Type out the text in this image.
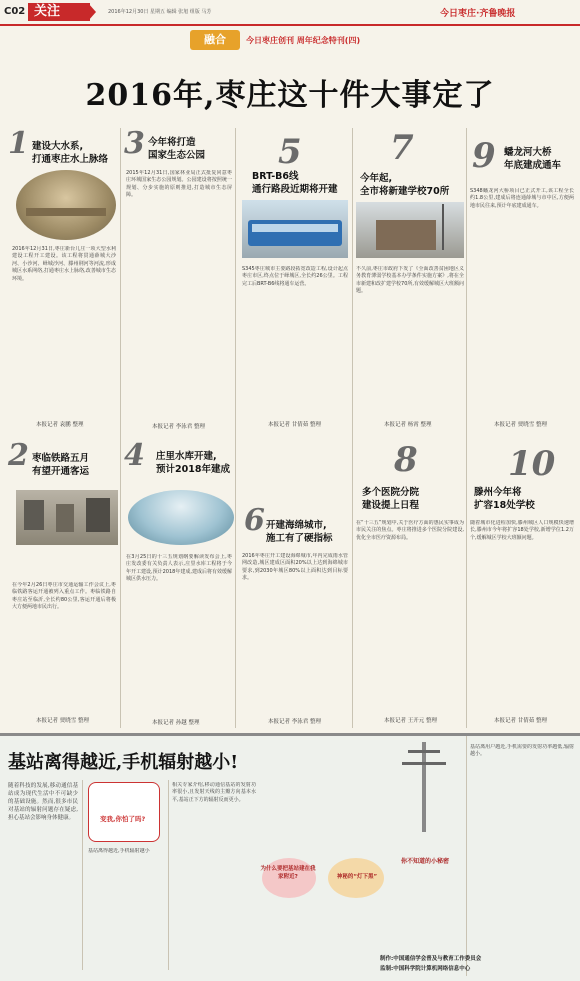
C02 关注	2016年12月30日 星期五 编辑 张旭 组版 马芳	今日枣庄·齐鲁晚报
融合	今日枣庄创刊 周年纪念特刊(四)
2016年,枣庄这十件大事定了
1 建设大水系,
打通枣庄水上脉络
2016年12月31日,枣庄新台儿庄一项大型水利建设工程开工建设。该工程将贯通薛城大沙河、小沙河、峄城沙河、滕州荆河等河流,形成城区水系网络,打通枣庄水上脉络,改善城市生态环境。
本报记者 袁鹏 整理
2 枣临铁路五月
有望开通客运
在今年2月26日枣庄市交通运输工作会议上,枣临铁路客运开通被列入重点工作。枣临铁路自枣庄站至临沂,全长约80公里,客运开通后将极大方便两地市民出行。
本报记者 贾晓雪 整理
3 今年将打造
国家生态公园
2015年12月31日,国家林业局正式批复同意枣庄环城国家生态公园规划。公园建设将按照统一规划、分步实施的原则推进,打造城市生态屏障。
本报记者 李泳君 整理
4 庄里水库开建,
预计2018年建成
在3月25日的十三五规划纲要解读发布会上,枣庄发改委有关负责人表示,庄里水库工程将于今年开工建设,预计2018年建成,建成后将有效缓解城区供水压力。
本报记者 孙越 整理
5
BRT-B6线
通行路段近期将开建
S345枣庄城市主要路段拓宽改造工程,设计起点枣庄市区,终点位于峄城区,全长约26公里。工程完工后BRT-B6线将通车运营。
本报记者 甘倩茹 整理
6 开建海绵城市,
施工有了硬指标
2016年枣庄开工建设海绵城市,年内完成雨水管网改造,城区建成区面积20%以上达到海绵城市要求,到2030年城区80%以上面积达到目标要求。
本报记者 李泳君 整理
7
今年起,
全市将新建学校70所
不久前,枣庄市政府下发了《全面改善贫困地区义务教育薄弱学校基本办学条件实施方案》,将在全市新建和改扩建学校70所,有效缓解城区大班额问题。
本报记者 杨霄 整理
8
多个医院分院
建设提上日程
在“十三五”规划中,关于医疗方面的惠民实事成为市民关注的焦点。枣庄将推进多个医院分院建设,优化全市医疗资源布局。
本报记者 王开元 整理
9 蟠龙河大桥
年底建成通车
S348蟠龙河大桥项目已正式开工,该工程全长约1.8公里,建成后将连通薛城与市中区,方便两地市民往来,预计年底建成通车。
本报记者 贾晓雪 整理
10
滕州今年将
扩容18处学校
随着城市化进程加快,滕州城区人口规模快速增长,滕州市今年将扩容18处学校,新增学位1.2万个,缓解城区学校大班额问题。
本报记者 甘倩茹 整理
基站离得越近,手机辐射越小!
随着科技的发展,移动通信基站成为现代生活中不可缺少的基础设施。然而,很多市民对基站的辐射问题存在疑虑,担心基站会影响身体健康。	变我,你怕了吗?
基站离得越近,手机辐射越小
相关专家介绍,移动通信基站的发射功率很小,且发射天线的主瓣方向基本水平,基站正下方的辐射反而更小。
为什么要把基站建在我家附近?	神秘的“灯下黑”
你不知道的小秘密
基站离用户越近,手机需要的发射功率越低,辐射越小。
制作:中国通信学会普及与教育工作委员会
监制:中国科学院计算机网络信息中心
